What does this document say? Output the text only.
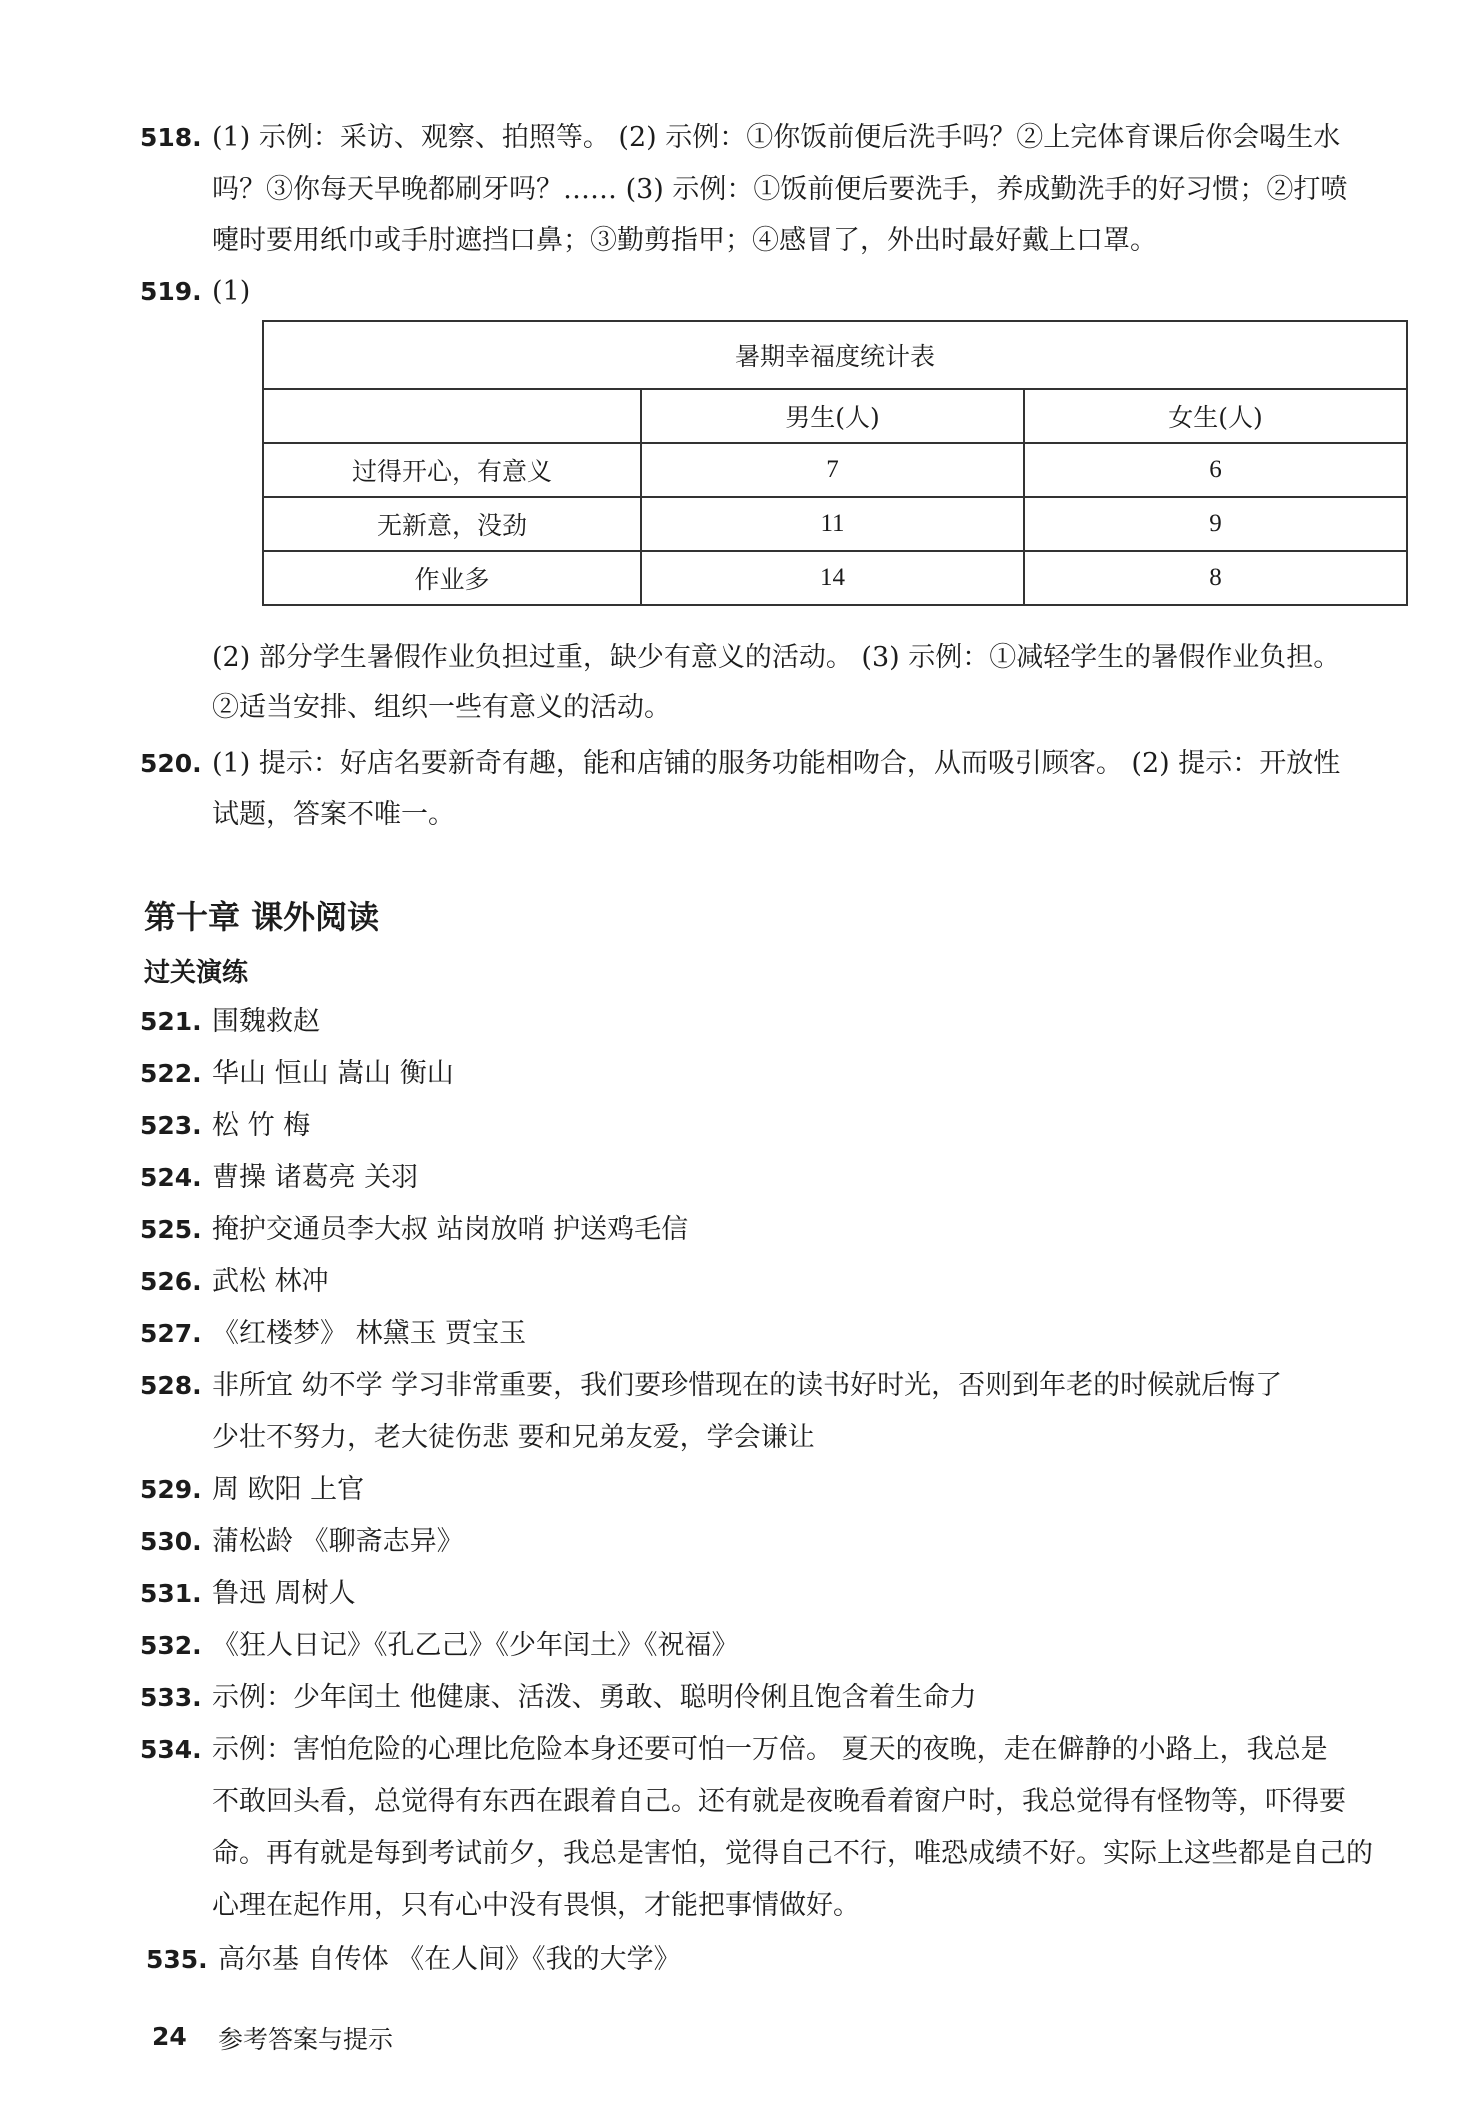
518. (1) 示例：采访、观察、拍照等。 (2) 示例：①你饭前便后洗手吗？②上完体育课后你会喝生水
吗？③你每天早晚都刷牙吗？…… (3) 示例：①饭前便后要洗手，养成勤洗手的好习惯；②打喷
嚏时要用纸巾或手肘遮挡口鼻；③勤剪指甲；④感冒了，外出时最好戴上口罩。
519. (1)
暑期幸福度统计表		
	男生(人)	女生(人)
过得开心，有意义	7	6
无新意，没劲	11	9
作业多	14	8
(2) 部分学生暑假作业负担过重，缺少有意义的活动。 (3) 示例：①减轻学生的暑假作业负担。
②适当安排、组织一些有意义的活动。
520. (1) 提示：好店名要新奇有趣，能和店铺的服务功能相吻合，从而吸引顾客。 (2) 提示：开放性
试题，答案不唯一。
第十章 课外阅读
过关演练
521. 围魏救赵
522. 华山 恒山 嵩山 衡山
523. 松 竹 梅
524. 曹操 诸葛亮 关羽
525. 掩护交通员李大叔 站岗放哨 护送鸡毛信
526. 武松 林冲
527. 《红楼梦》 林黛玉 贾宝玉
528. 非所宜 幼不学 学习非常重要，我们要珍惜现在的读书好时光，否则到年老的时候就后悔了
少壮不努力，老大徒伤悲 要和兄弟友爱，学会谦让
529. 周 欧阳 上官
530. 蒲松龄 《聊斋志异》
531. 鲁迅 周树人
532. 《狂人日记》《孔乙己》《少年闰土》《祝福》
533. 示例：少年闰土 他健康、活泼、勇敢、聪明伶俐且饱含着生命力
534. 示例：害怕危险的心理比危险本身还要可怕一万倍。 夏天的夜晚，走在僻静的小路上，我总是
不敢回头看，总觉得有东西在跟着自己。还有就是夜晚看着窗户时，我总觉得有怪物等，吓得要
命。再有就是每到考试前夕，我总是害怕，觉得自己不行，唯恐成绩不好。实际上这些都是自己的
心理在起作用，只有心中没有畏惧，才能把事情做好。
535. 高尔基 自传体 《在人间》《我的大学》
24 参考答案与提示
